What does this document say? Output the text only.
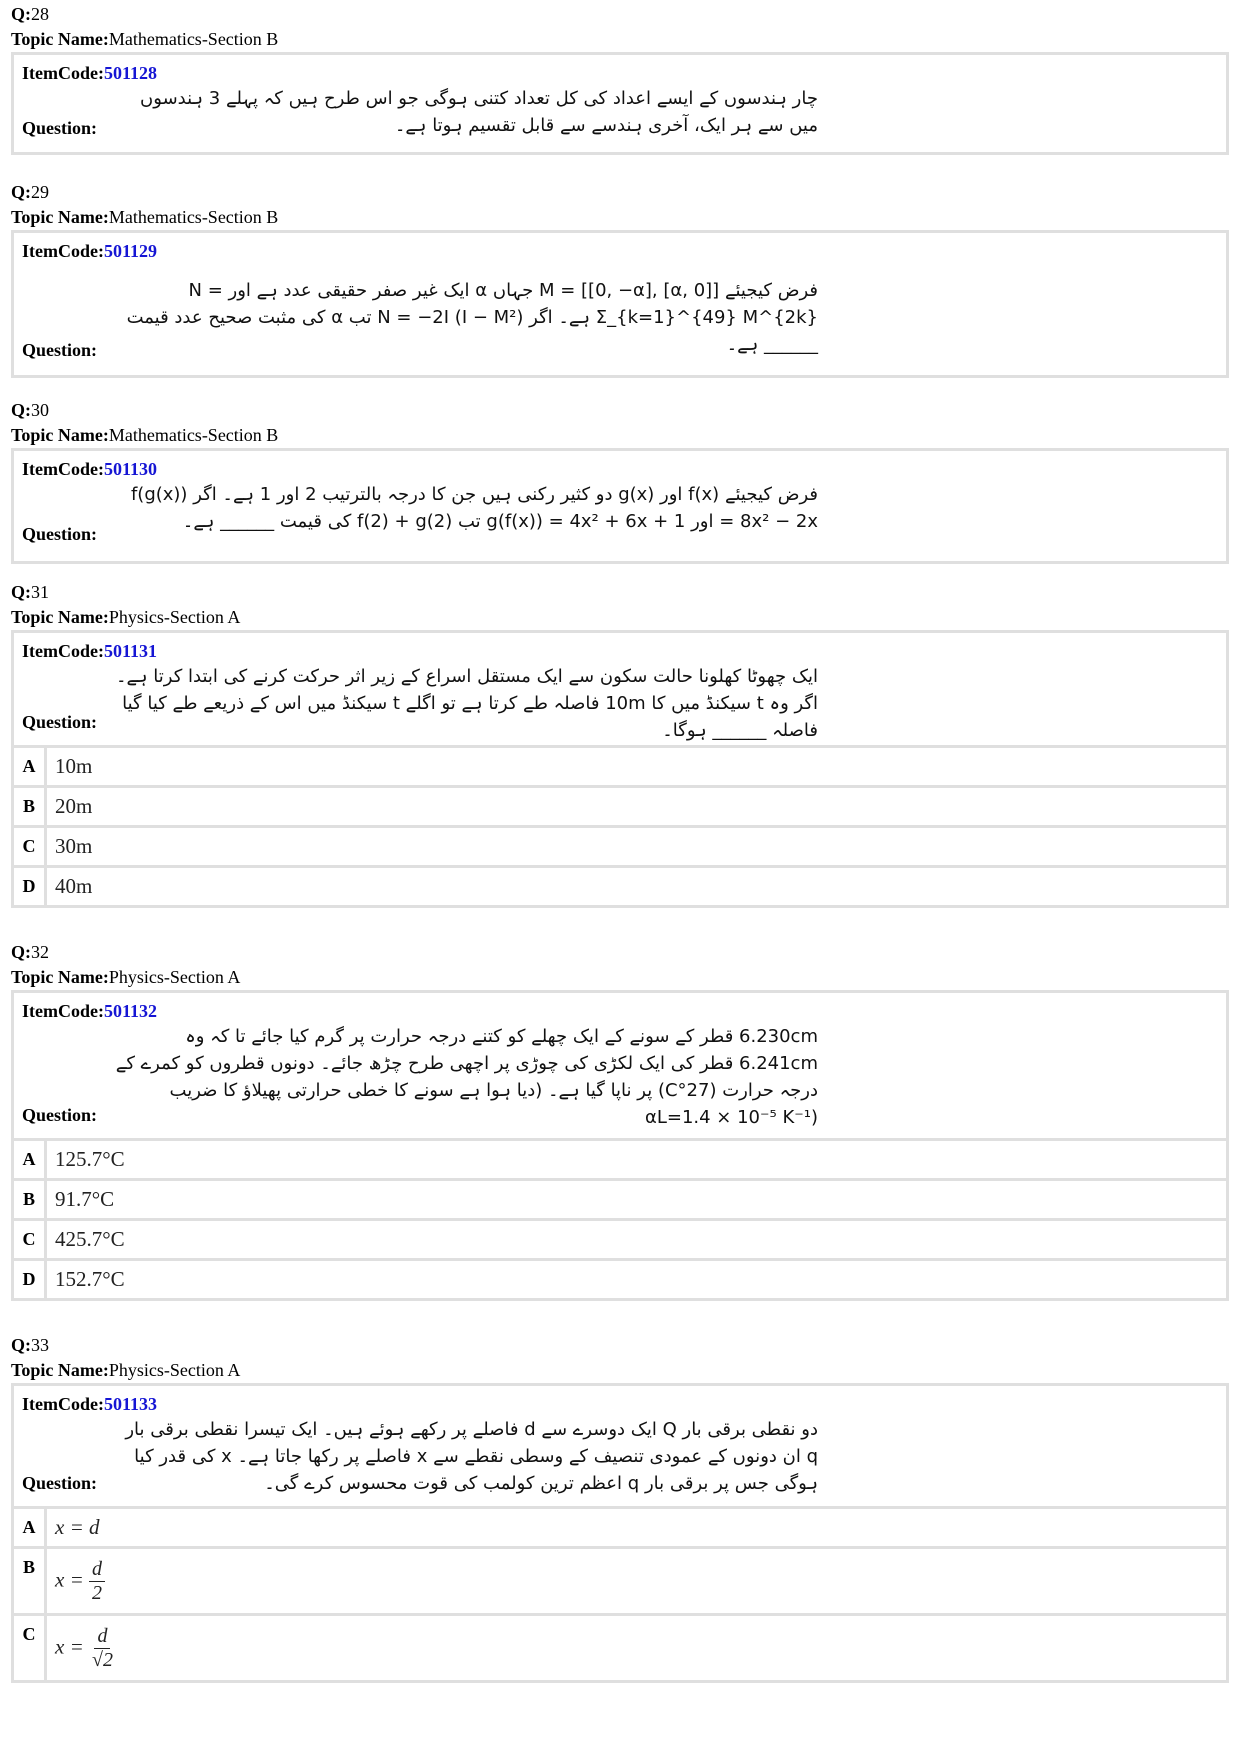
Q:28
Topic Name:Mathematics-Section B
ItemCode:501128
چار ہندسوں کے ایسے اعداد کی کل تعداد کتنی ہوگی جو اس طرح ہیں کہ پہلے 3 ہندسوں میں سے ہر ایک، آخری ہندسے سے قابل تقسیم ہوتا ہے۔
Question:
Q:29
Topic Name:Mathematics-Section B
ItemCode:501129
فرض کیجیئے M = [[0, −α], [α, 0]] جہاں α ایک غیر صفر حقیقی عدد ہے اور N = Σ_{k=1}^{49} M^{2k} ہے۔ اگر (I − M²) N = −2I تب α کی مثبت صحیح عدد قیمت ______ ہے۔
Question:
Q:30
Topic Name:Mathematics-Section B
ItemCode:501130
فرض کیجیئے f(x) اور g(x) دو کثیر رکنی ہیں جن کا درجہ بالترتیب 2 اور 1 ہے۔ اگر f(g(x)) = 8x² − 2x اور g(f(x)) = 4x² + 6x + 1 تب f(2) + g(2) کی قیمت ______ ہے۔
Question:
Q:31
Topic Name:Physics-Section A
ItemCode:501131
ایک چھوٹا کھلونا حالت سکون سے ایک مستقل اسراع کے زیر اثر حرکت کرنے کی ابتدا کرتا ہے۔ اگر وہ t سیکنڈ میں کا 10m فاصلہ طے کرتا ہے تو اگلے t سیکنڈ میں اس کے ذریعے طے کیا گیا فاصلہ ______ ہوگا۔
Question:
A 10m
B 20m
C 30m
D 40m
Q:32
Topic Name:Physics-Section A
ItemCode:501132
6.230cm قطر کے سونے کے ایک چھلے کو کتنے درجہ حرارت پر گرم کیا جائے تا کہ وہ 6.241cm قطر کی ایک لکڑی کی چوڑی پر اچھی طرح چڑھ جائے۔ دونوں قطروں کو کمرے کے درجہ حرارت (27°C) پر ناپا گیا ہے۔ (دیا ہوا ہے سونے کا خطی حرارتی پھیلاؤ کا ضریب (αL=1.4 × 10⁻⁵ K⁻¹
Question:
A 125.7°C
B 91.7°C
C 425.7°C
D 152.7°C
Q:33
Topic Name:Physics-Section A
ItemCode:501133
دو نقطی برقی بار Q ایک دوسرے سے d فاصلے پر رکھے ہوئے ہیں۔ ایک تیسرا نقطی برقی بار q ان دونوں کے عمودی تنصیف کے وسطی نقطے سے x فاصلے پر رکھا جاتا ہے۔ x کی قدر کیا ہوگی جس پر برقی بار q اعظم ترین کولمب کی قوت محسوس کرے گی۔
Question:
A x = d
B $x = \frac{d}{2}$
C $x = \frac{d}{√2}$
